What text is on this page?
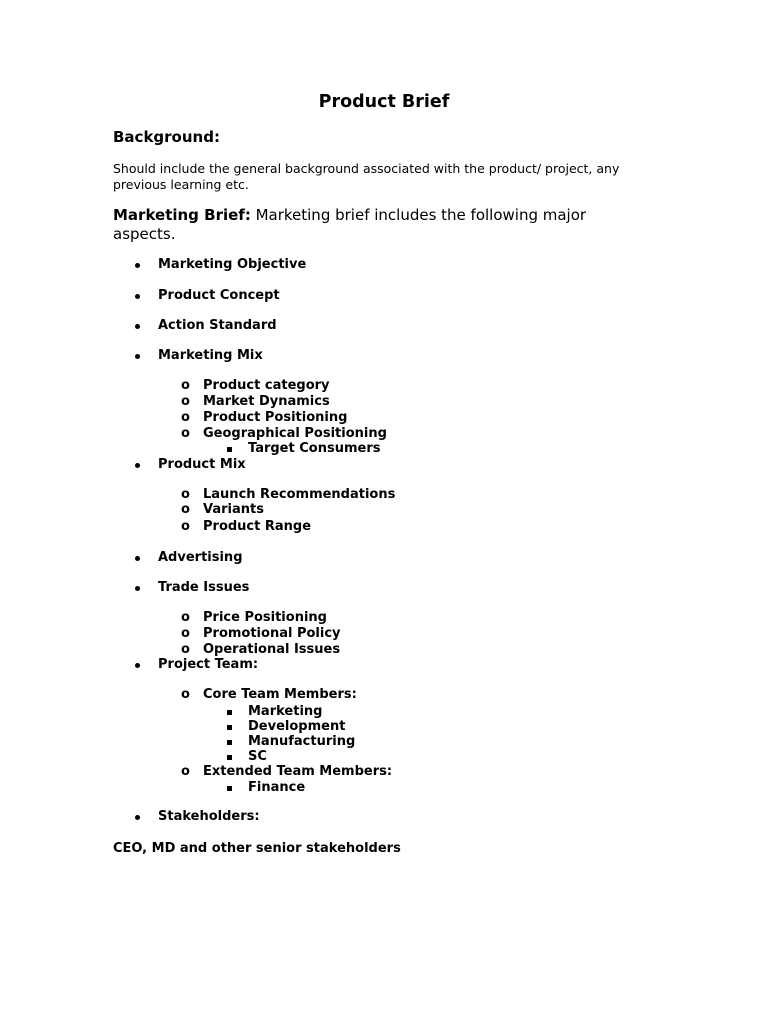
Product Brief
Background:
Should include the general background associated with the product/ project, any previous learning etc.
Marketing Brief: Marketing brief includes the following major aspects.
Marketing Objective
Product Concept
Action Standard
Marketing Mix
o Product category
o Market Dynamics
o Product Positioning
o Geographical Positioning
Target Consumers
Product Mix
o Launch Recommendations
o Variants
o Product Range
Advertising
Trade Issues
o Price Positioning
o Promotional Policy
o Operational Issues
Project Team:
o Core Team Members:
Marketing
Development
Manufacturing
SC
o Extended Team Members:
Finance
Stakeholders:
CEO, MD and other senior stakeholders
